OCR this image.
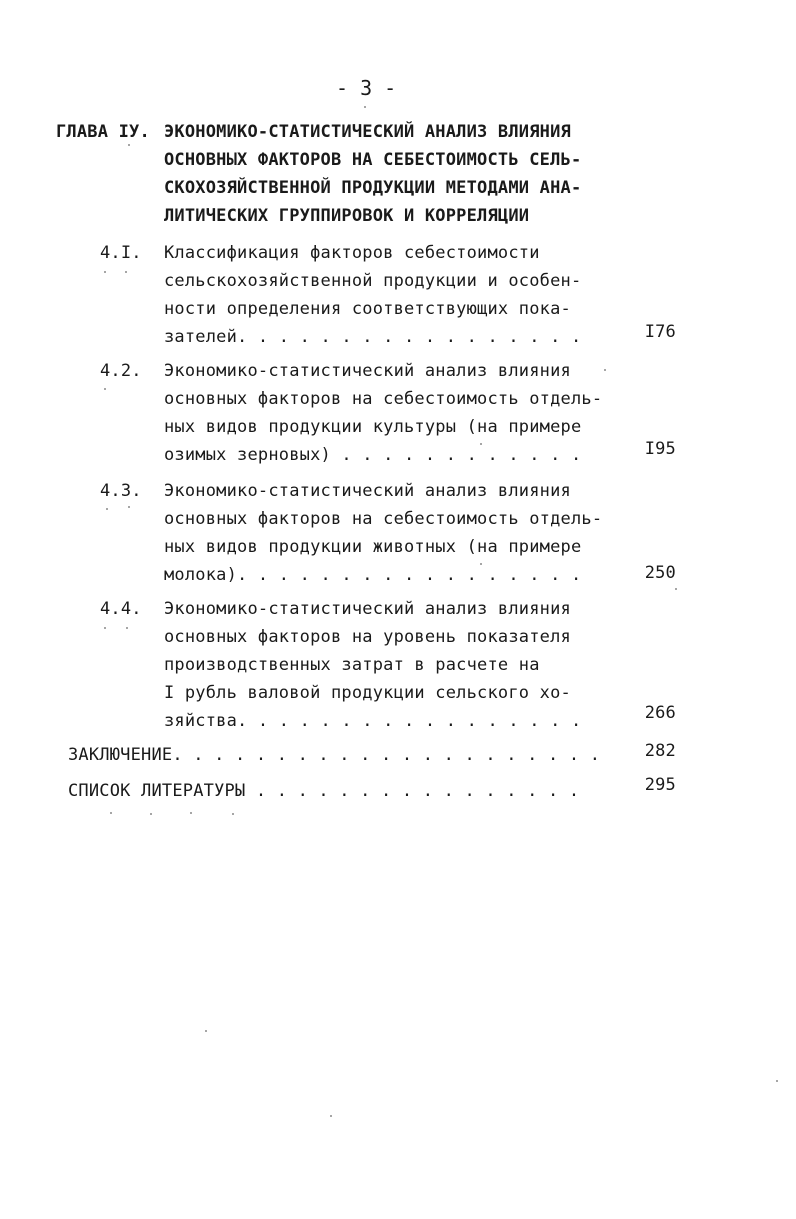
- 3 -
ГЛАВА IУ. ЭКОНОМИКО-СТАТИСТИЧЕСКИЙ АНАЛИЗ ВЛИЯНИЯ
ОСНОВНЫХ ФАКТОРОВ НА СЕБЕСТОИМОСТЬ СЕЛЬ-
СКОХОЗЯЙСТВЕННОЙ ПРОДУКЦИИ МЕТОДАМИ АНА-
ЛИТИЧЕСКИХ ГРУППИРОВОК И КОРРЕЛЯЦИИ
4.I. Классификация факторов себестоимости
сельскохозяйственной продукции и особен-
ности определения соответствующих пока-
зателей. . . . . . . . . . . . . . . . .	I76
4.2. Экономико-статистический анализ влияния
основных факторов на себестоимость отдель-
ных видов продукции культуры (на примере
озимых зерновых) . . . . . . . . . . . .	I95
4.3. Экономико-статистический анализ влияния
основных факторов на себестоимость отдель-
ных видов продукции животных (на примере
молока). . . . . . . . . . . . . . . . .	250
4.4. Экономико-статистический анализ влияния
основных факторов на уровень показателя
производственных затрат в расчете на
I рубль валовой продукции сельского хо-
зяйства. . . . . . . . . . . . . . . . .	266
ЗАКЛЮЧЕНИЕ. . . . . . . . . . . . . . . . . . . . .	282
СПИСОК ЛИТЕРАТУРЫ . . . . . . . . . . . . . . . .	295
